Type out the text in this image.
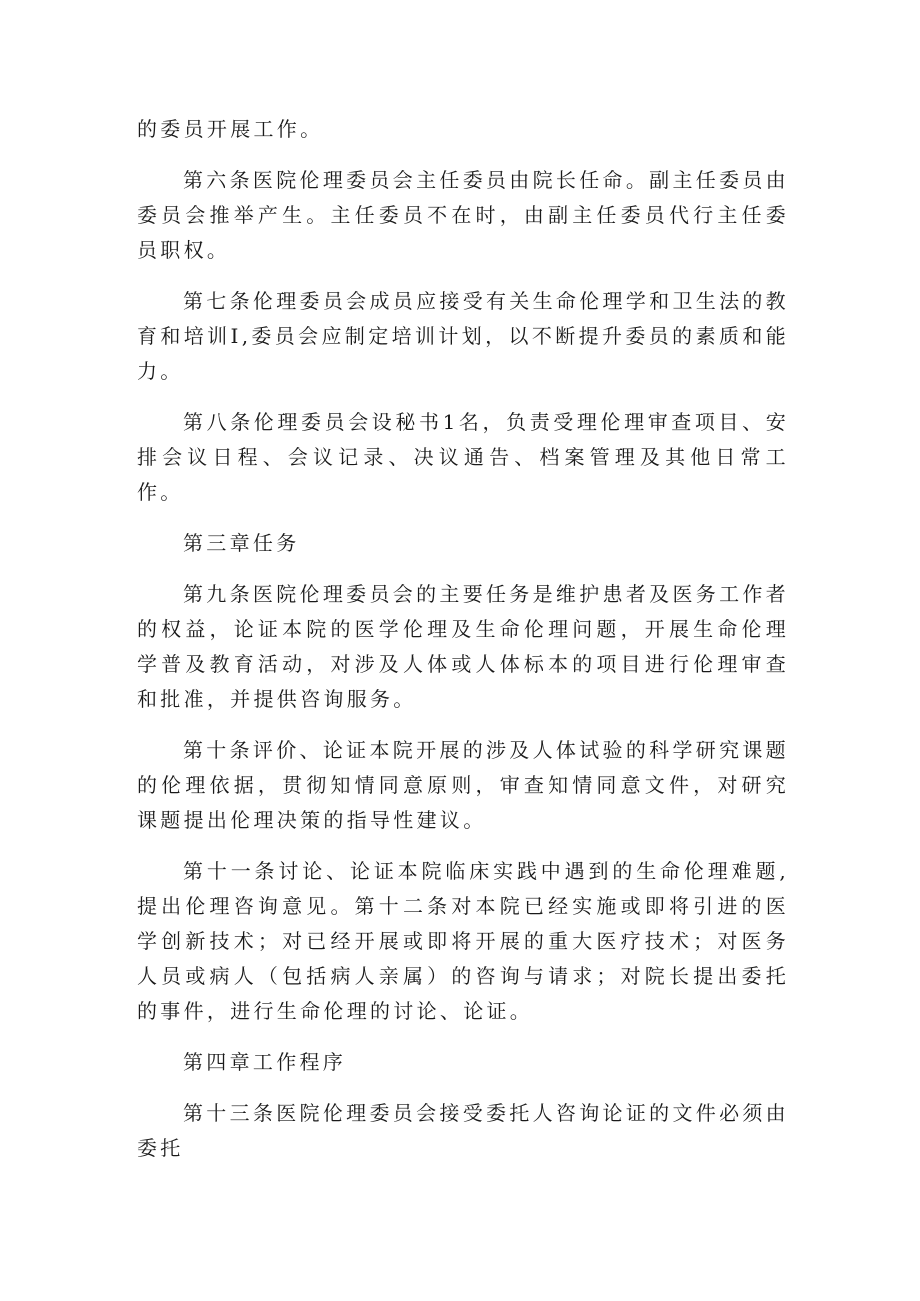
的委员开展工作。

第六条医院伦理委员会主任委员由院长任命。副主任委员由委员会推举产生。主任委员不在时，由副主任委员代行主任委员职权。

第七条伦理委员会成员应接受有关生命伦理学和卫生法的教育和培训I,委员会应制定培训计划，以不断提升委员的素质和能力。

第八条伦理委员会设秘书1名，负责受理伦理审查项目、安排会议日程、会议记录、决议通告、档案管理及其他日常工作。

第三章任务

第九条医院伦理委员会的主要任务是维护患者及医务工作者的权益，论证本院的医学伦理及生命伦理问题，开展生命伦理学普及教育活动，对涉及人体或人体标本的项目进行伦理审查和批准，并提供咨询服务。

第十条评价、论证本院开展的涉及人体试验的科学研究课题的伦理依据，贯彻知情同意原则，审查知情同意文件，对研究课题提出伦理决策的指导性建议。

第十一条讨论、论证本院临床实践中遇到的生命伦理难题,提出伦理咨询意见。第十二条对本院已经实施或即将引进的医学创新技术；对已经开展或即将开展的重大医疗技术；对医务人员或病人（包括病人亲属）的咨询与请求；对院长提出委托的事件，进行生命伦理的讨论、论证。

第四章工作程序

第十三条医院伦理委员会接受委托人咨询论证的文件必须由委托
